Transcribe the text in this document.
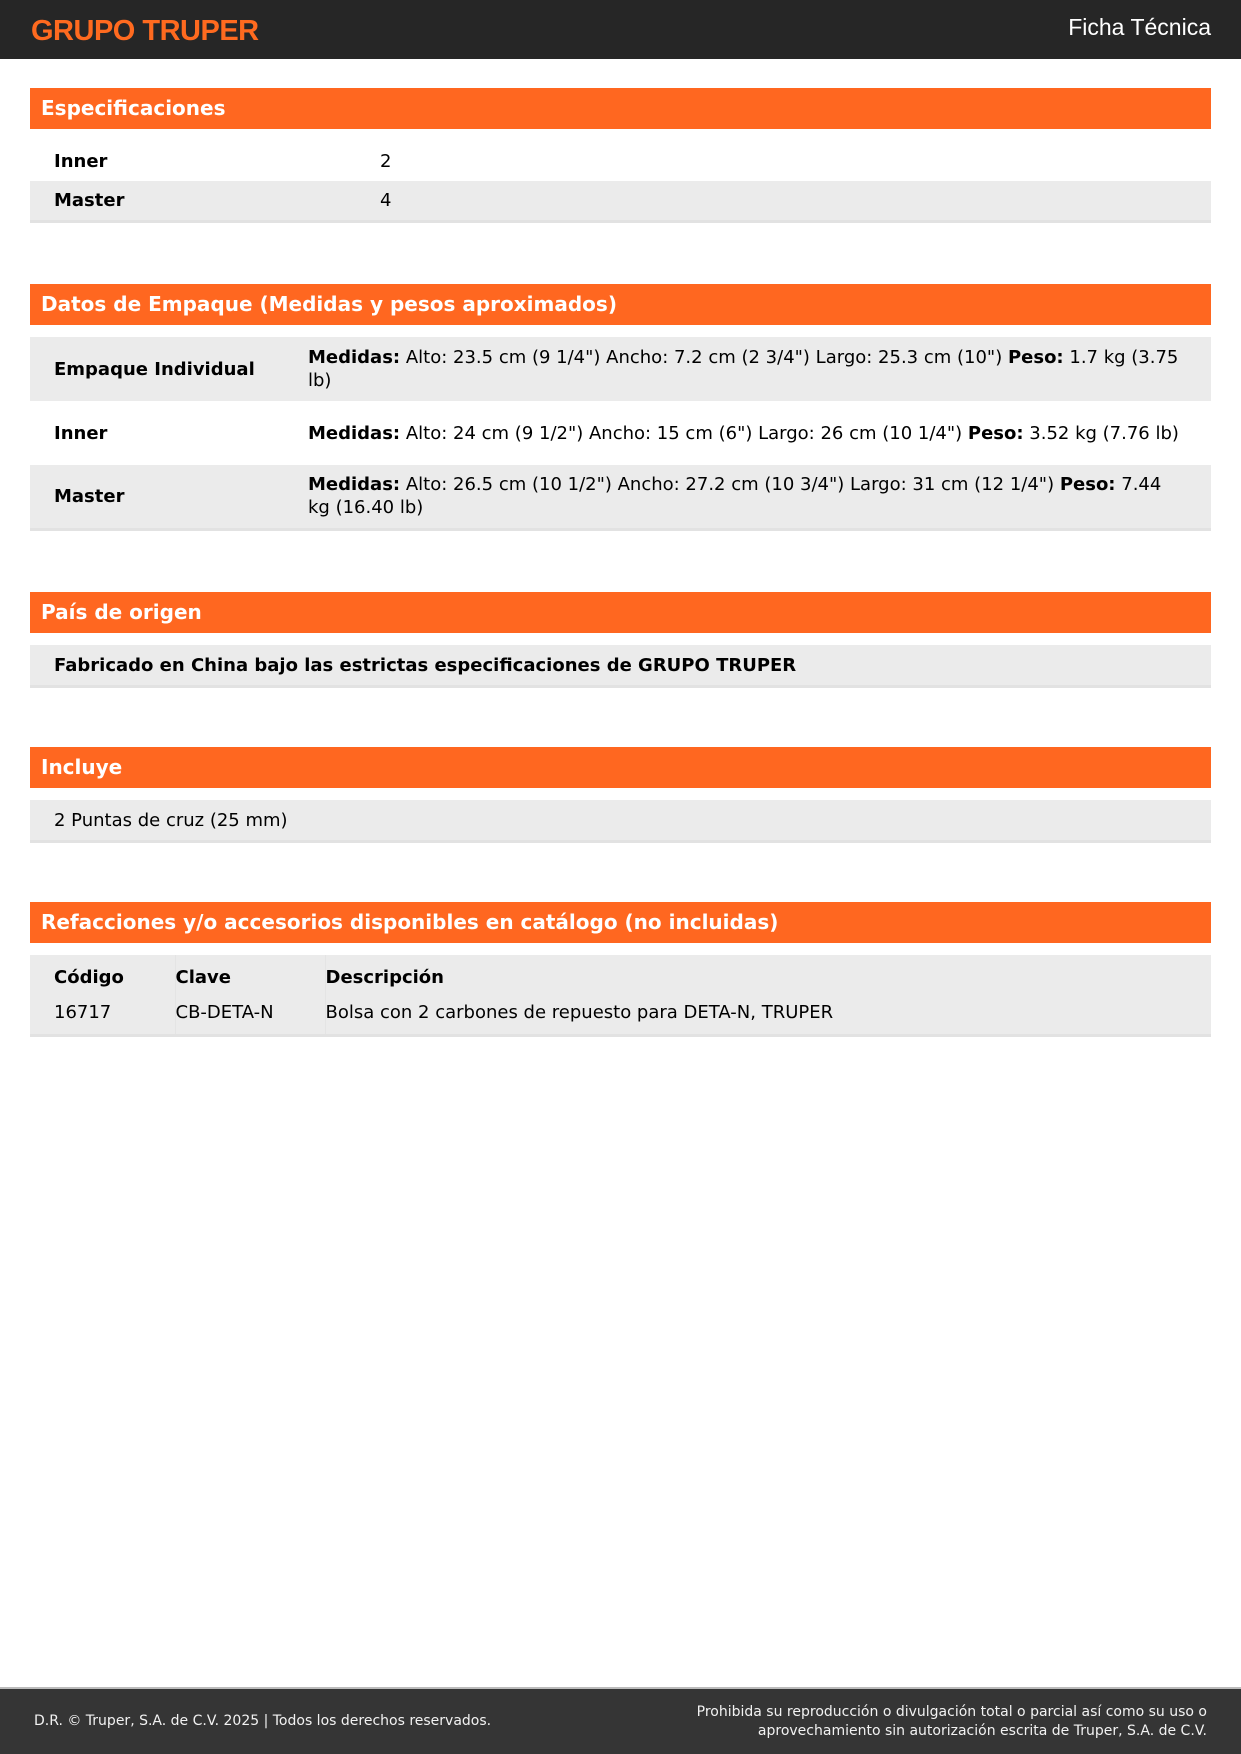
GRUPO TRUPER	Ficha Técnica
Especificaciones
Inner	2
Master	4
Datos de Empaque (Medidas y pesos aproximados)
Empaque Individual	Medidas: Alto: 23.5 cm (9 1/4") Ancho: 7.2 cm (2 3/4") Largo: 25.3 cm (10") Peso: 1.7 kg (3.75 lb)
Inner	Medidas: Alto: 24 cm (9 1/2") Ancho: 15 cm (6") Largo: 26 cm (10 1/4") Peso: 3.52 kg (7.76 lb)
Master	Medidas: Alto: 26.5 cm (10 1/2") Ancho: 27.2 cm (10 3/4") Largo: 31 cm (12 1/4") Peso: 7.44 kg (16.40 lb)
País de origen
Fabricado en China bajo las estrictas especificaciones de GRUPO TRUPER
Incluye
2 Puntas de cruz (25 mm)
Refacciones y/o accesorios disponibles en catálogo (no incluidas)
Código	Clave	Descripción
16717	CB-DETA-N	Bolsa con 2 carbones de repuesto para DETA-N, TRUPER
D.R. © Truper, S.A. de C.V. 2025 | Todos los derechos reservados.
Prohibida su reproducción o divulgación total o parcial así como su uso o
aprovechamiento sin autorización escrita de Truper, S.A. de C.V.
